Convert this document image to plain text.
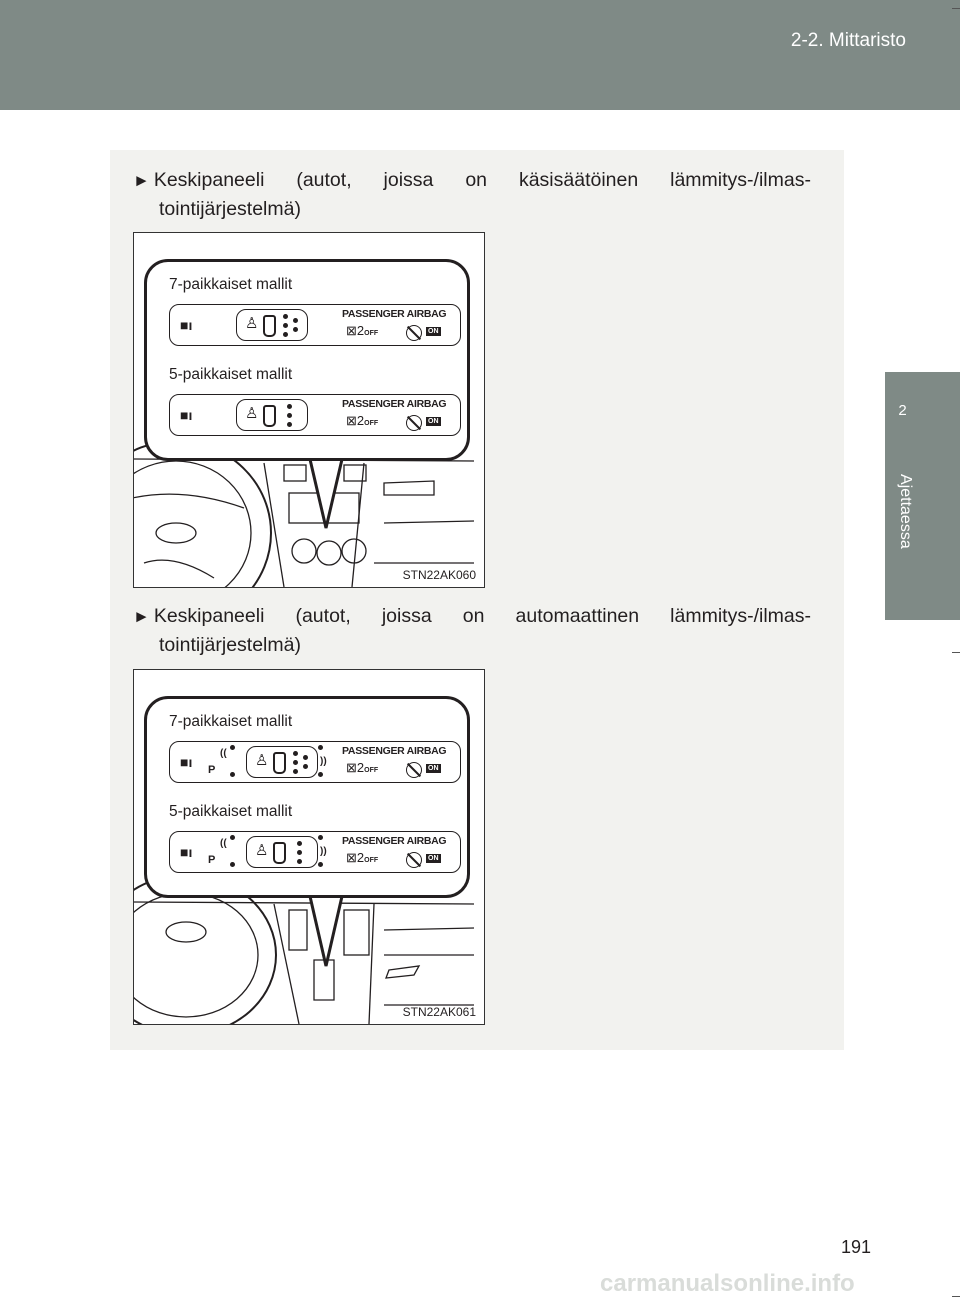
2-2. Mittaristo
2
Ajettaessa
► Keskipaneeli (autot, joissa on käsisäätöinen lämmitys-/ilmas-
tointijärjestelmä)
7-paikkaiset mallit
■ı	♙
PASSENGER AIRBAG
⊠2OFF	ON
5-paikkaiset mallit
■ı	♙
PASSENGER AIRBAG
⊠2OFF	ON
STN22AK060
► Keskipaneeli (autot, joissa on automaattinen lämmitys-/ilmas-
tointijärjestelmä)
7-paikkaiset mallit
■ı P
(( ♙	))
PASSENGER AIRBAG
⊠2OFF	ON
5-paikkaiset mallit
■ı P
(( ♙	))
PASSENGER AIRBAG
⊠2OFF	ON
STN22AK061
191
carmanualsonline.info
